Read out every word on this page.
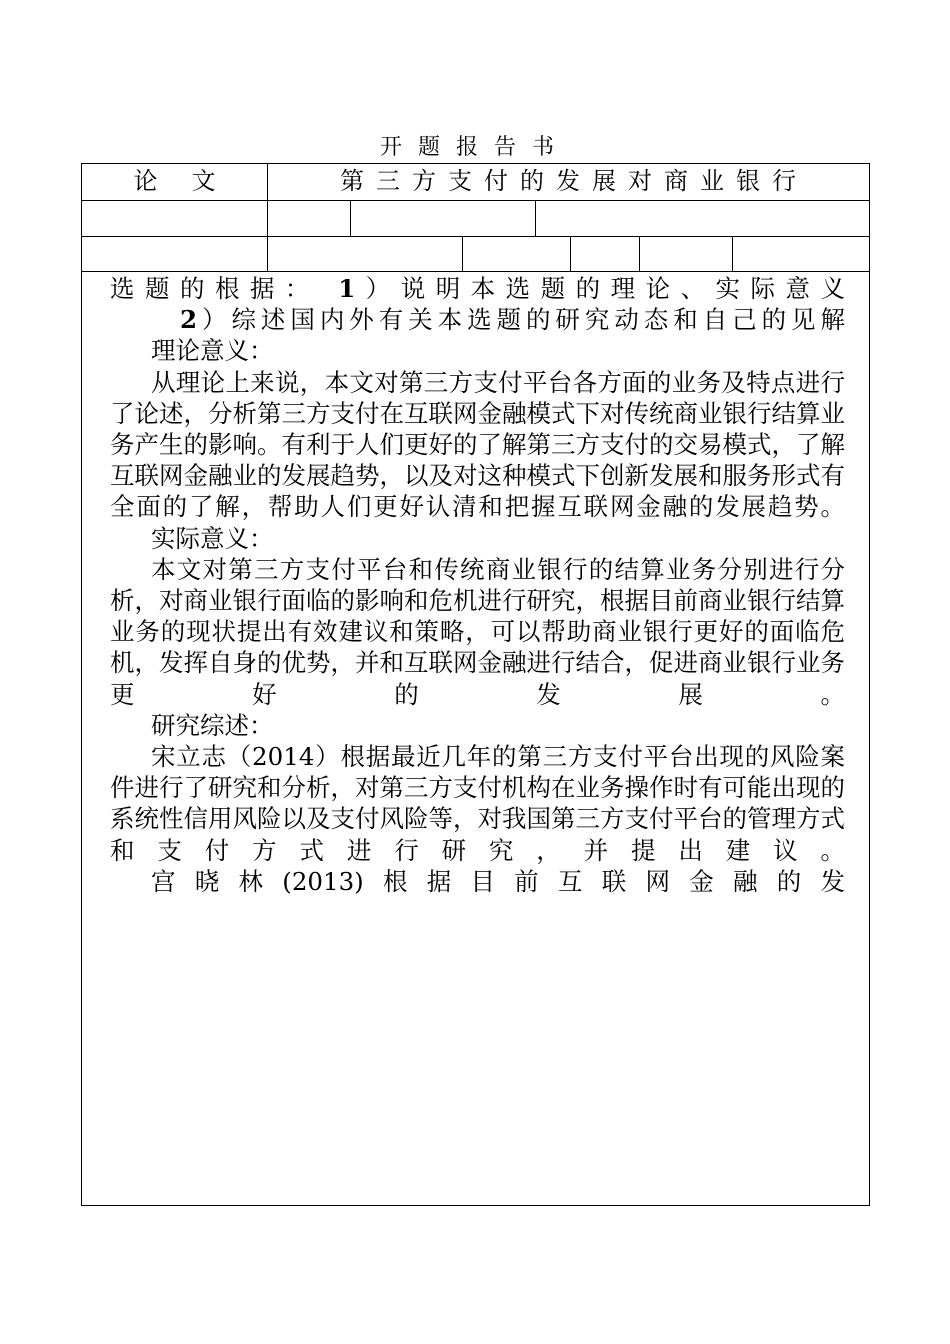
开题报告书
论文	第三方支付的发展对商业银行

选题的根据： 1）说明本选题的理论、实际意义

2）综述国内外有关本选题的研究动态和自己的见解

理论意义：

从理论上来说，本文对第三方支付平台各方面的业务及特点进行了论述，分析第三方支付在互联网金融模式下对传统商业银行结算业务产生的影响。有利于人们更好的了解第三方支付的交易模式，了解互联网金融业的发展趋势，以及对这种模式下创新发展和服务形式有全面的了解，帮助人们更好认清和把握互联网金融的发展趋势。

实际意义：

本文对第三方支付平台和传统商业银行的结算业务分别进行分析，对商业银行面临的影响和危机进行研究，根据目前商业银行结算业务的现状提出有效建议和策略，可以帮助商业银行更好的面临危机，发挥自身的优势，并和互联网金融进行结合，促进商业银行业务更好的发展。

研究综述：

宋立志（2014）根据最近几年的第三方支付平台出现的风险案件进行了研究和分析，对第三方支付机构在业务操作时有可能出现的系统性信用风险以及支付风险等，对我国第三方支付平台的管理方式和支付方式进行研究，并提出建议。

宫晓林(2013)根据目前互联网金融的发
